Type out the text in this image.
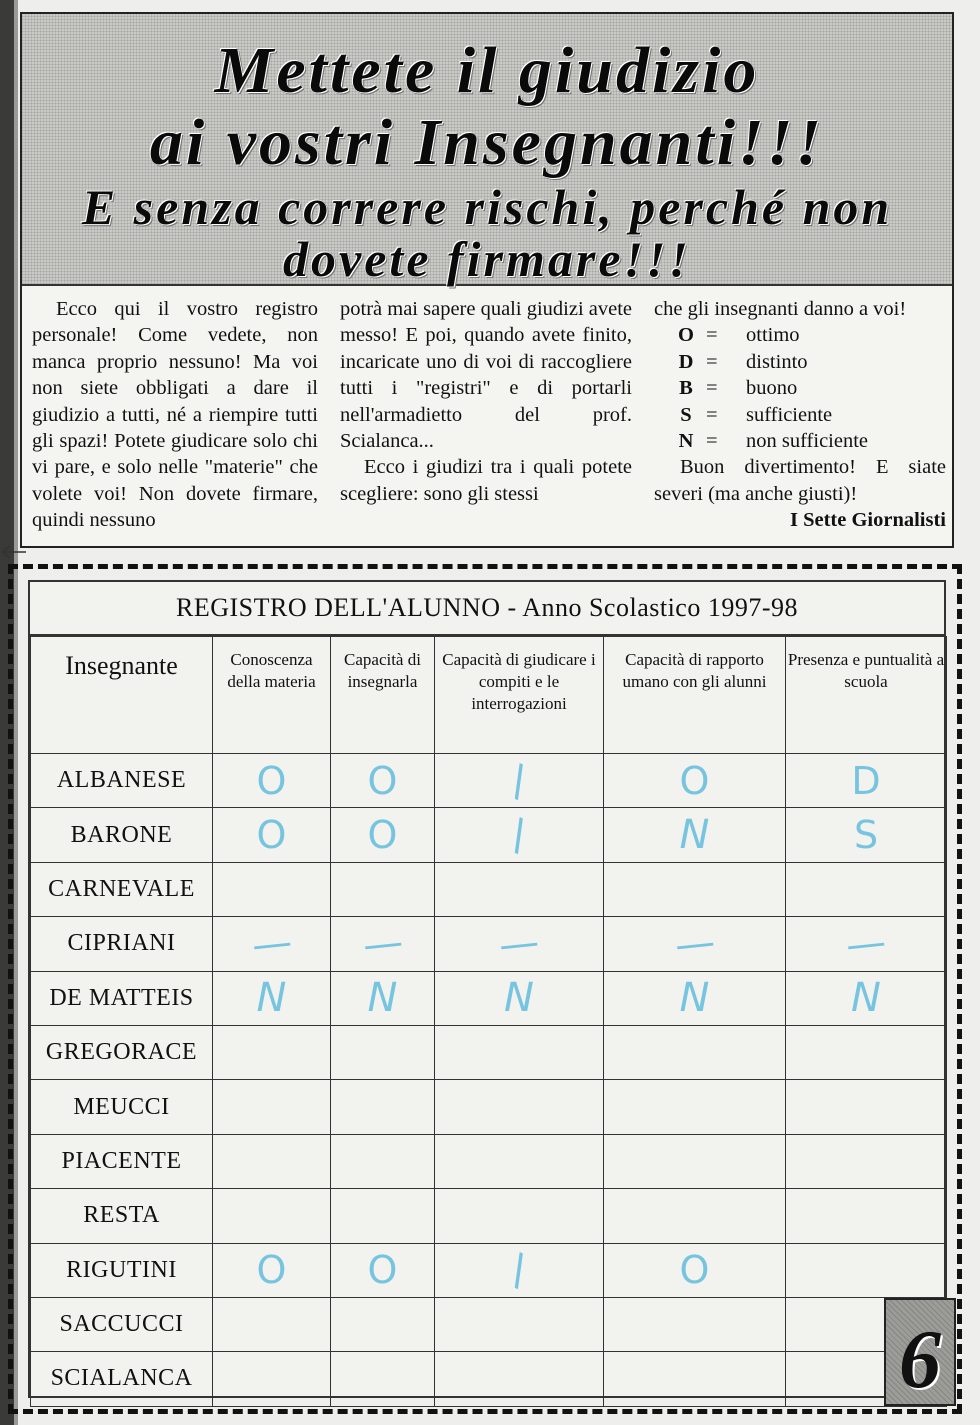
Mettete il giudizio

ai vostri Insegnanti!!!

E senza correre rischi, perché non

dovete firmare!!!

Ecco qui il vostro registro personale! Come vedete, non manca proprio nessuno! Ma voi non siete obbligati a dare il giudizio a tutti, né a riempire tutti gli spazi! Potete giudicare solo chi vi pare, e solo nelle "materie" che volete voi! Non dovete firmare, quindi nessuno

potrà mai sapere quali giudizi avete messo! E poi, quando avete finito, incaricate uno di voi di raccogliere tutti i "registri" e di portarli nell'armadietto del prof. Scialanca...

Ecco i giudizi tra i quali potete scegliere: sono gli stessi

che gli insegnanti danno a voi!
O =	ottimo
D =	distinto
B =	buono
S =	sufficiente
N =	non sufficiente
Buon divertimento! E siate severi (ma anche giusti)!
I Sette Giornalisti
REGISTRO DELL'ALUNNO - Anno Scolastico 1997-98
Insegnante	Conoscenza della materia	Capacità di insegnarla	Capacità di giudicare i compiti e le interrogazioni	Capacità di rapporto umano con gli alunni	Presenza e puntualità a scuola
ALBANESE	O	O	\	O	D
BARONE	O	O	\	N	S
CARNEVALE					
CIPRIANI	—	—	—	—	—
DE MATTEIS	N	N	N	N	N
GREGORACE					
MEUCCI					
PIACENTE					
RESTA					
RIGUTINI	O	O	\	O	
SACCUCCI					
SCIALANCA						6
